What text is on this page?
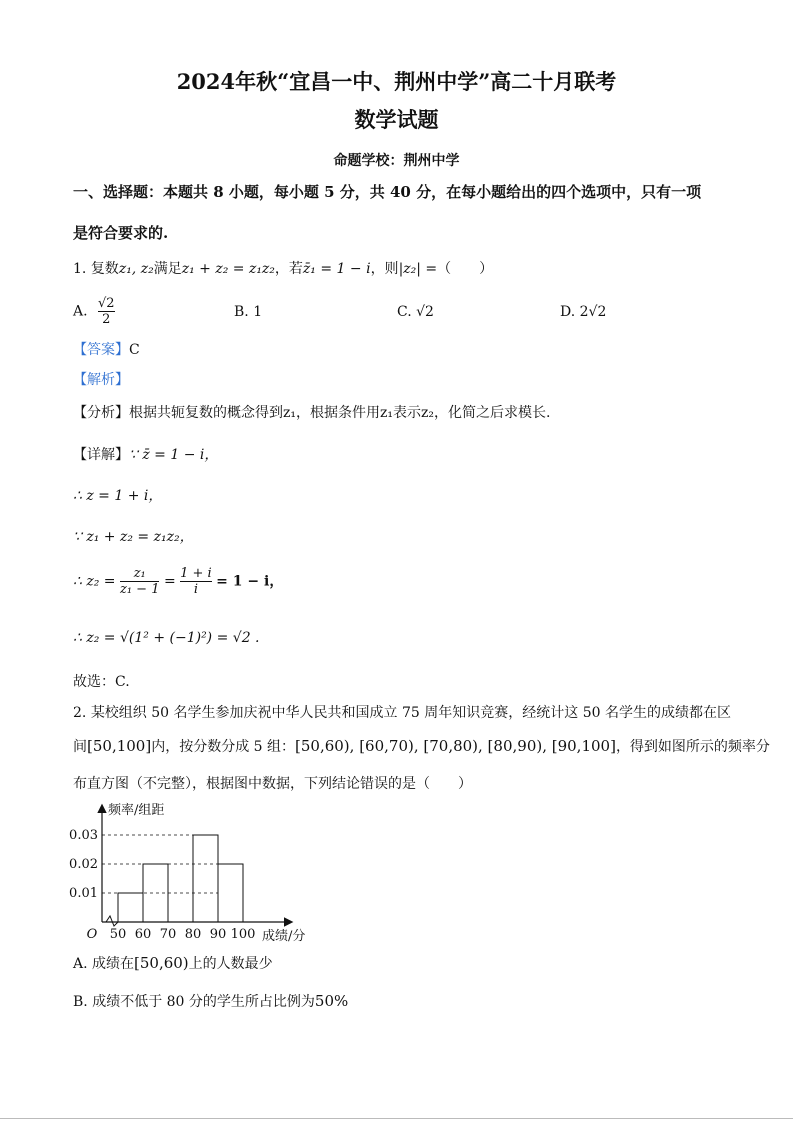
2024年秋“宜昌一中、荆州中学”高二十月联考
数学试题
命题学校：荆州中学
一、选择题：本题共 8 小题，每小题 5 分，共 40 分，在每小题给出的四个选项中，只有一项
是符合要求的.
1. 复数z₁, z₂满足z₁ + z₂ = z₁z₂，若z̄₁ = 1 − i，则|z₂| =（　　）
A. $\frac{√2}{2}$	B. 1	C. √2	D. 2√2
【答案】C
【解析】
【分析】根据共轭复数的概念得到z₁，根据条件用z₁表示z₂，化简之后求模长.
【详解】∵ z̄ = 1 − i，
∴ z = 1 + i，
∵ z₁ + z₂ = z₁z₂，
∴ $z_2 = \frac{\text{z₁}}{\text{z₁ − 1}} = \frac{1 + i}{i} = 1 - i$，
∴ z₂ = √(1² + (−1)²) = √2 .
故选：C.
2. 某校组织 50 名学生参加庆祝中华人民共和国成立 75 周年知识竞赛，经统计这 50 名学生的成绩都在区
间[50,100]内，按分数分成 5 组：[50,60), [60,70), [70,80), [80,90), [90,100]，得到如图所示的频率分
布直方图（不完整），根据图中数据，下列结论错误的是（　　）
0.01
0.02
0.03
50 60 70 80 90 100
O
频率/组距
成绩/分
A. 成绩在[50,60)上的人数最少
B. 成绩不低于 80 分的学生所占比例为50%
